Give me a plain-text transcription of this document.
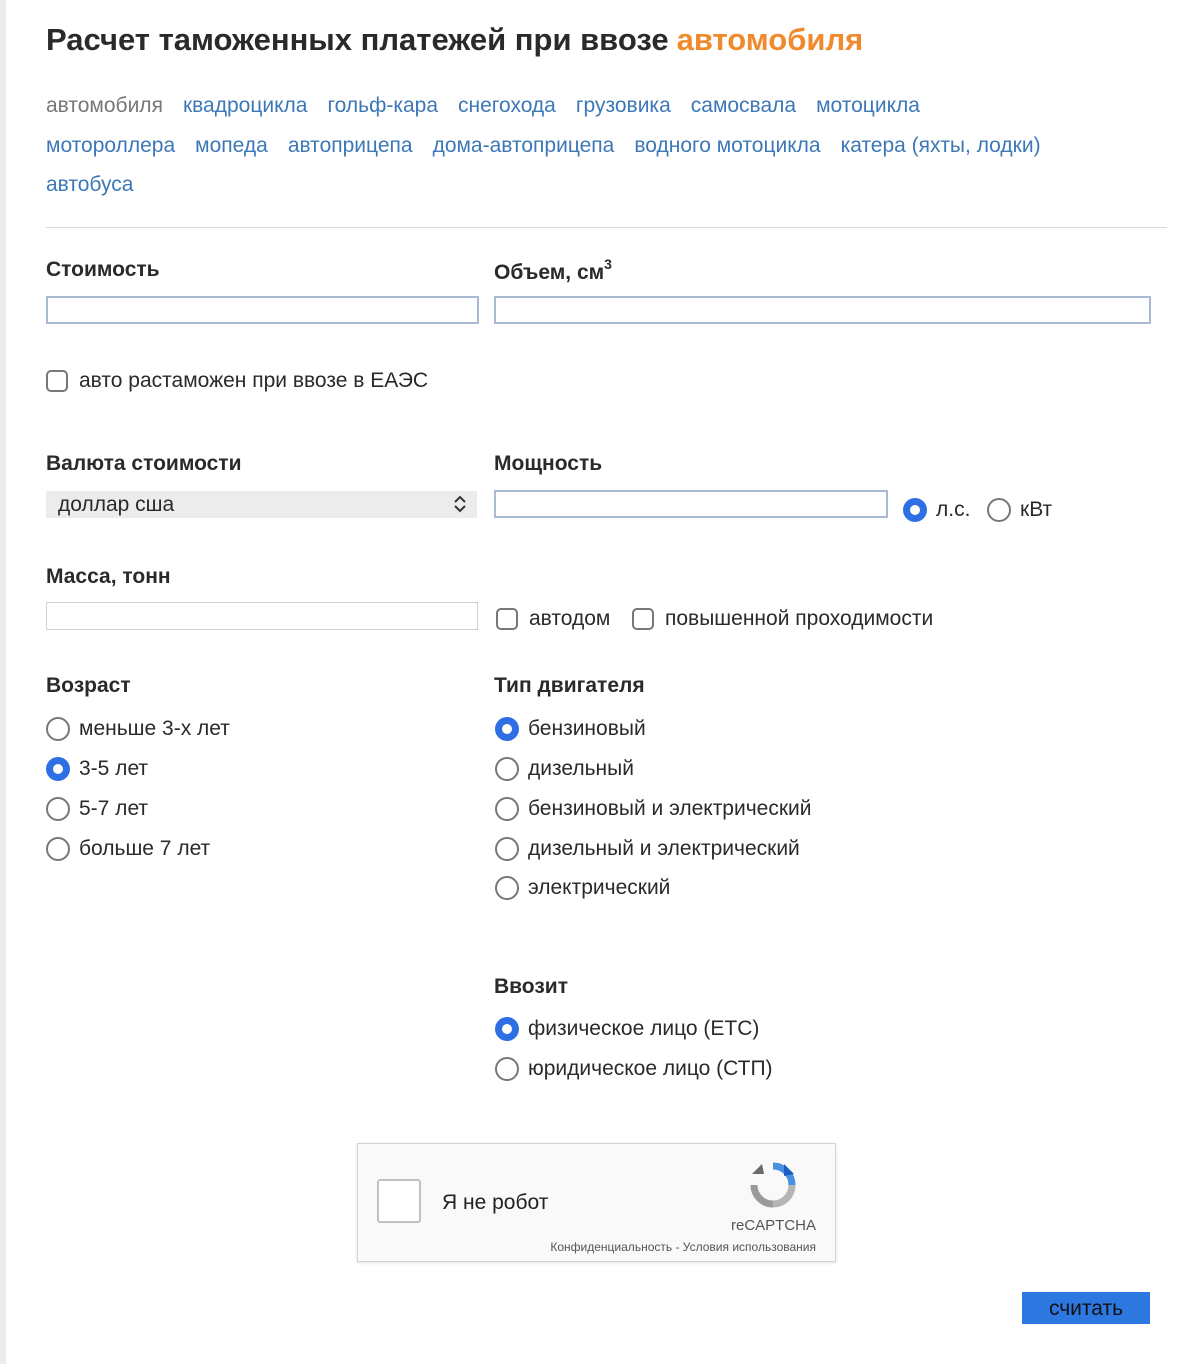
Расчет таможенных платежей при ввозе автомобиля
автомобиля квадроцикла гольф-кара снегохода грузовика самосвала мотоцикла
мотороллера мопеда автоприцепа дома-автоприцепа водного мотоцикла катера (яхты, лодки)
автобуса
Стоимость	Объем, $см^3$
авто растаможен при ввозе в ЕАЭС
Валюта стоимости
доллар сша
Мощность
л.с. кВт
Масса, тонн
автодом	повышенной проходимости
Возраст
меньше 3-х лет
3-5 лет
5-7 лет
больше 7 лет
Тип двигателя
бензиновый
дизельный
бензиновый и электрический
дизельный и электрический
электрический
Ввозит
физическое лицо (ЕТС)
юридическое лицо (СТП)
Я не робот
reCAPTCHA
Конфиденциальность - Условия использования
считать
